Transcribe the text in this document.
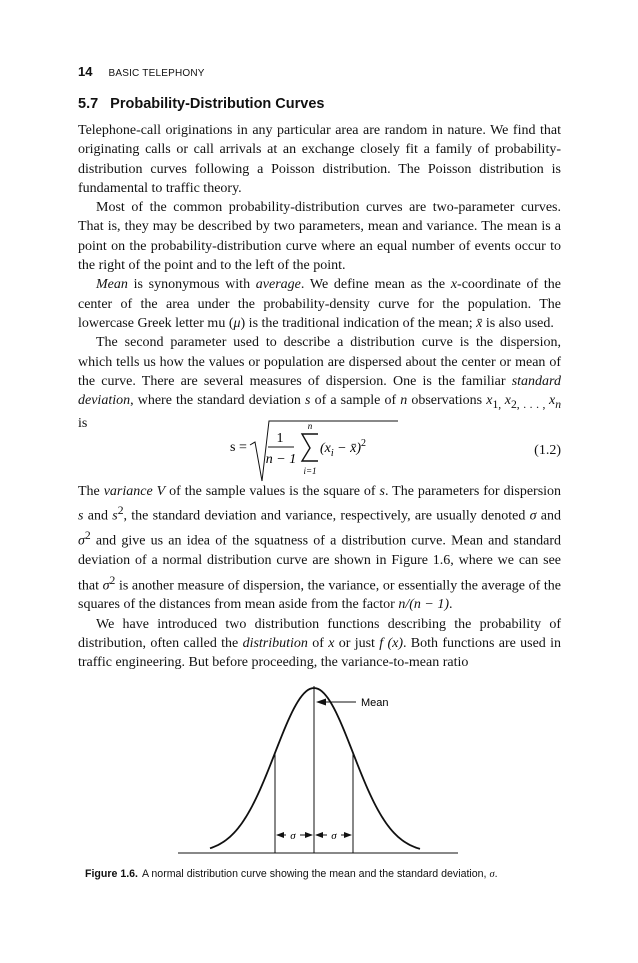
14 BASIC TELEPHONY
5.7 Probability-Distribution Curves

Telephone-call originations in any particular area are random in nature. We find that originating calls or call arrivals at an exchange closely fit a family of probability-distribution curves following a Poisson distribution. The Poisson distribution is fundamental to traffic theory.

Most of the common probability-distribution curves are two-parameter curves. That is, they may be described by two parameters, mean and variance. The mean is a point on the probability-distribution curve where an equal number of events occur to the right of the point and to the left of the point.

Mean is synonymous with average. We define mean as the x-coordinate of the center of the area under the probability-density curve for the population. The lowercase Greek letter mu (μ) is the traditional indication of the mean; x̄ is also used.

The second parameter used to describe a distribution curve is the dispersion, which tells us how the values or population are dispersed about the center or mean of the curve. There are several measures of dispersion. One is the familiar standard deviation, where the standard deviation s of a sample of n observations $x_{1,}$ $x_{2, . . . ,}$ $x_n$ is

s =
1
n − 1
n
i=1
($x_i$ − x̄)$^2$	(1.2)

The variance V of the sample values is the square of s. The parameters for dispersion s and $s^2$, the standard deviation and variance, respectively, are usually denoted σ and $\sigma^2$ and give us an idea of the squatness of a distribution curve. Mean and standard deviation of a normal distribution curve are shown in Figure 1.6, where we can see that $\sigma^2$ is another measure of dispersion, the variance, or essentially the average of the squares of the distances from mean aside from the factor n/(n − 1).

We have introduced two distribution functions describing the probability of distribution, often called the distribution of x or just f (x). Both functions are used in traffic engineering. But before proceeding, the variance-to-mean ratio

Mean
σ	σ
Figure 1.6. A normal distribution curve showing the mean and the standard deviation, σ.
